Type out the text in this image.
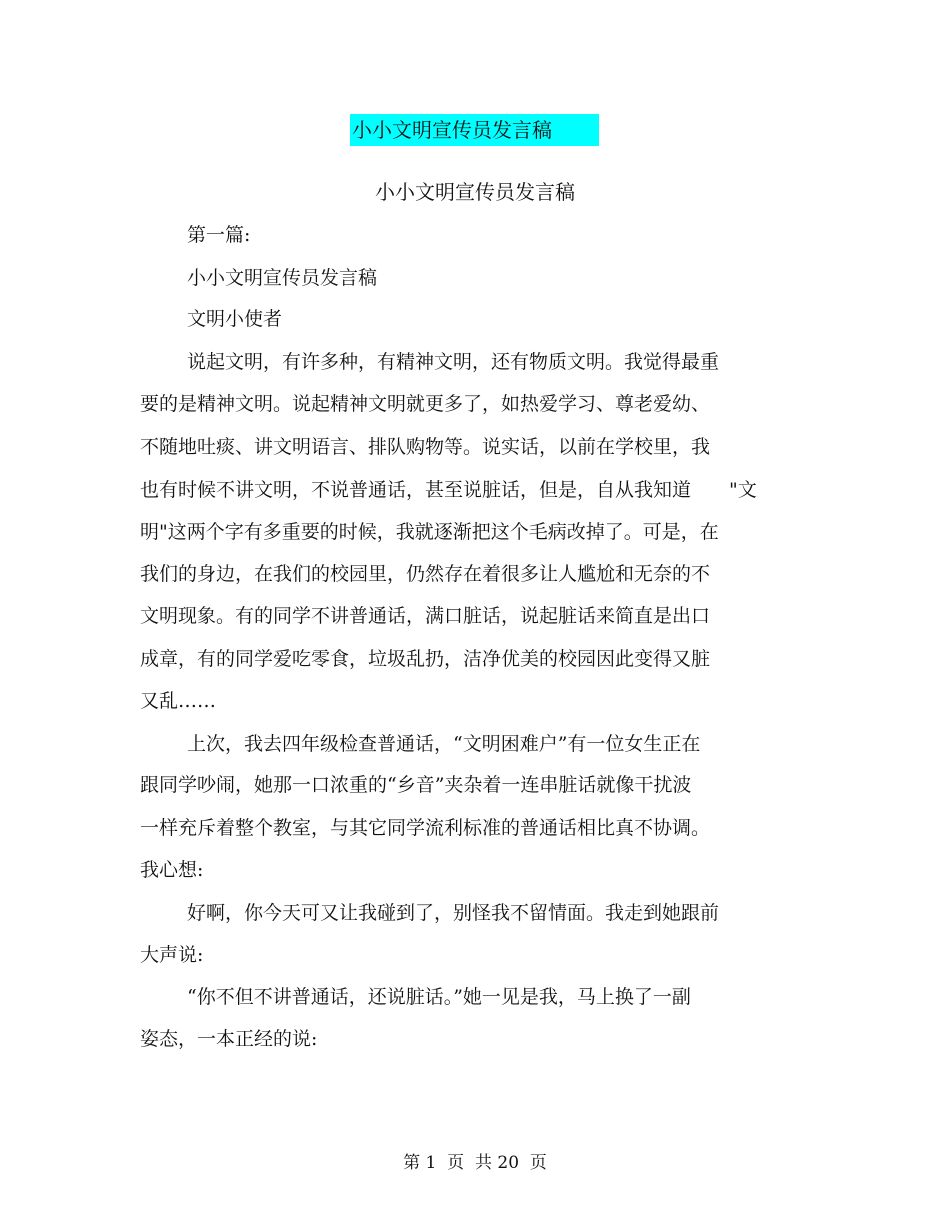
小小文明宣传员发言稿
小小文明宣传员发言稿
第一篇:
小小文明宣传员发言稿
文明小使者
说起文明，有许多种，有精神文明，还有物质文明。我觉得最重
要的是精神文明。说起精神文明就更多了，如热爱学习、尊老爱幼、
不随地吐痰、讲文明语言、排队购物等。说实话，以前在学校里，我
也有时候不讲文明，不说普通话，甚至说脏话，但是，自从我知道　　"文
明"这两个字有多重要的时候，我就逐渐把这个毛病改掉了。可是，在
我们的身边，在我们的校园里，仍然存在着很多让人尴尬和无奈的不
文明现象。有的同学不讲普通话，满口脏话，说起脏话来简直是出口
成章，有的同学爱吃零食，垃圾乱扔，洁净优美的校园因此变得又脏
又乱……
上次，我去四年级检查普通话，“文明困难户”有一位女生正在
跟同学吵闹，她那一口浓重的“乡音”夹杂着一连串脏话就像干扰波
一样充斥着整个教室，与其它同学流利标准的普通话相比真不协调。
我心想:
好啊，你今天可又让我碰到了，别怪我不留情面。我走到她跟前
大声说:
“你不但不讲普通话，还说脏话。”她一见是我，马上换了一副
姿态，一本正经的说:
第 1  页  共 20  页
